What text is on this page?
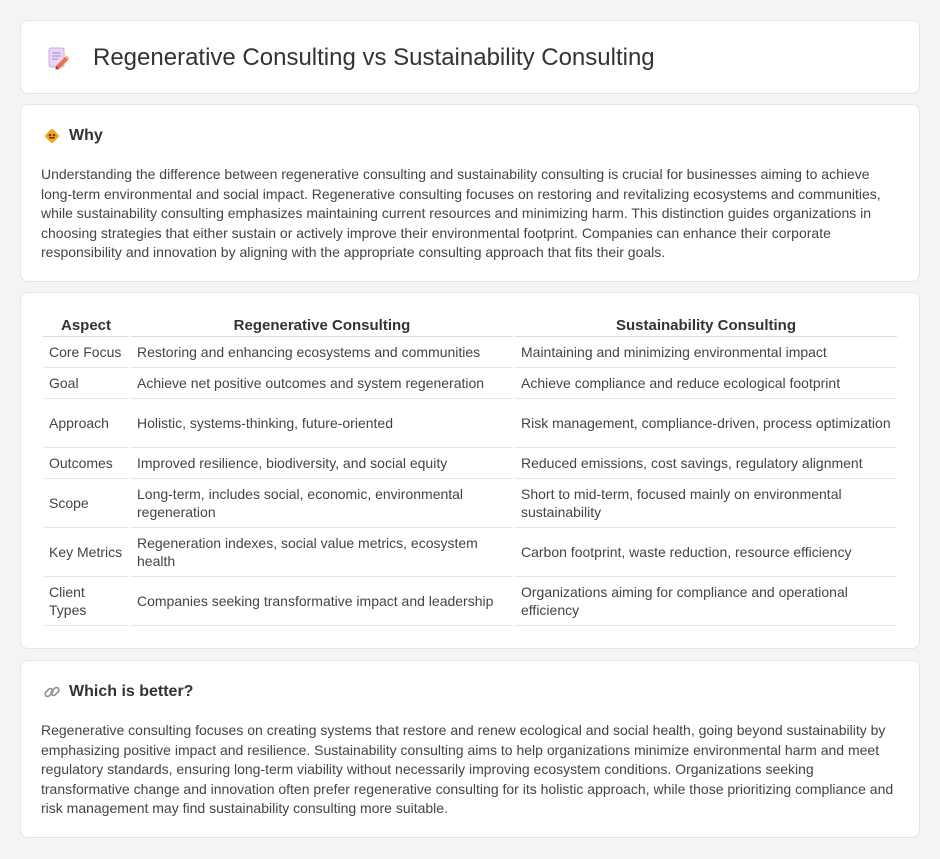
Regenerative Consulting vs Sustainability Consulting
Why

Understanding the difference between regenerative consulting and sustainability consulting is crucial for businesses aiming to achieve long-term environmental and social impact. Regenerative consulting focuses on restoring and revitalizing ecosystems and communities, while sustainability consulting emphasizes maintaining current resources and minimizing harm. This distinction guides organizations in choosing strategies that either sustain or actively improve their environmental footprint. Companies can enhance their corporate responsibility and innovation by aligning with the appropriate consulting approach that fits their goals.

Aspect	Regenerative Consulting	Sustainability Consulting
Core Focus	Restoring and enhancing ecosystems and communities	Maintaining and minimizing environmental impact
Goal	Achieve net positive outcomes and system regeneration	Achieve compliance and reduce ecological footprint
Approach	Holistic, systems-thinking, future-oriented	Risk management, compliance-driven, process optimization
Outcomes	Improved resilience, biodiversity, and social equity	Reduced emissions, cost savings, regulatory alignment
Scope	Long-term, includes social, economic, environmental regeneration	Short to mid-term, focused mainly on environmental sustainability
Key Metrics	Regeneration indexes, social value metrics, ecosystem health	Carbon footprint, waste reduction, resource efficiency
Client Types	Companies seeking transformative impact and leadership	Organizations aiming for compliance and operational efficiency
Which is better?

Regenerative consulting focuses on creating systems that restore and renew ecological and social health, going beyond sustainability by emphasizing positive impact and resilience. Sustainability consulting aims to help organizations minimize environmental harm and meet regulatory standards, ensuring long-term viability without necessarily improving ecosystem conditions. Organizations seeking transformative change and innovation often prefer regenerative consulting for its holistic approach, while those prioritizing compliance and risk management may find sustainability consulting more suitable.
